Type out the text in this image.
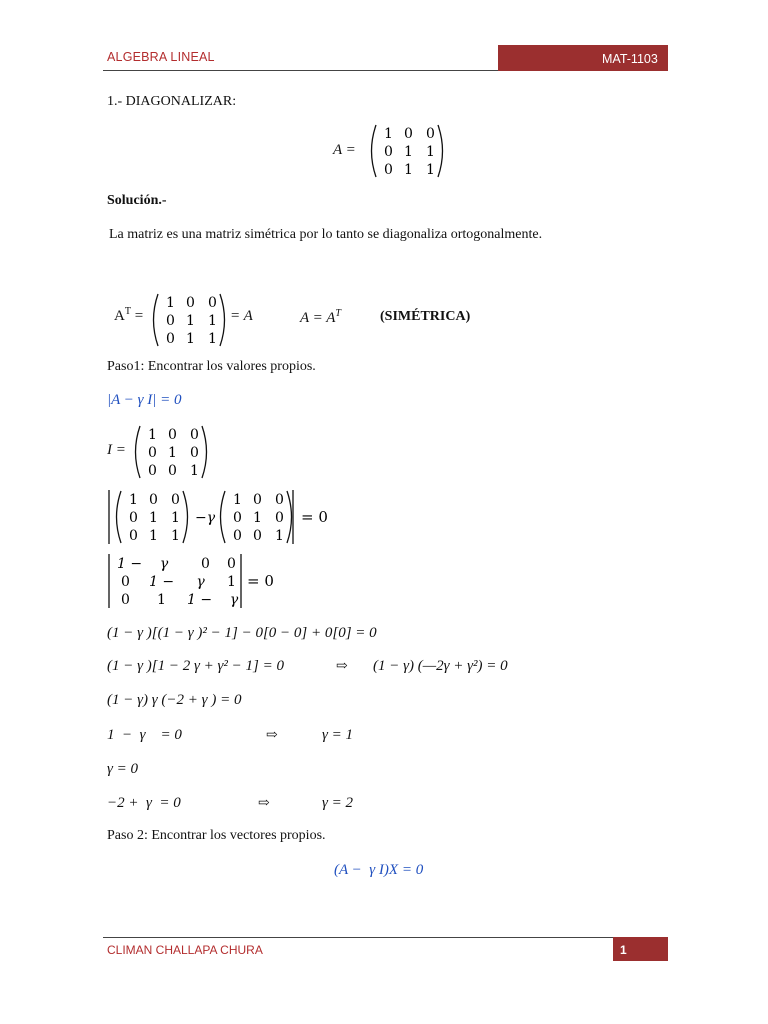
ALGEBRA LINEAL	MAT-1103
1.- DIAGONALIZAR:
A =
1 0 0
0 1 1
0 1 1
Solución.-
La matriz es una matriz simétrica por lo tanto se diagonaliza ortogonalmente.
$A^T$ =
1 0 0
0 1 1
0 1 1
= A	$A = A^T$	(SIMÉTRICA)
Paso1: Encontrar los valores propios.
|A − γ I| = 0
I =
1 0 0
0 1 0
0 0 1
1 0 0
0 1 1
0 1 1
−γ
1 0 0
0 1 0
0 0 1
= 0
1 −    γ 0 0
0 1 −     γ 1
0 1 1 −    γ
= 0
(1 − γ )[(1 − γ )² − 1] − 0[0 − 0] + 0[0] = 0
(1 − γ )[1 − 2 γ + γ² − 1] = 0	⇨ (1 − γ) (—2γ + γ²) = 0
(1 − γ) γ (−2 + γ ) = 0
1  −  γ    = 0	⇨	γ = 1
γ = 0
−2 +  γ  = 0	⇨	γ = 2
Paso 2: Encontrar los vectores propios.
(A −  γ I)X = 0
CLIMAN CHALLAPA CHURA	1
